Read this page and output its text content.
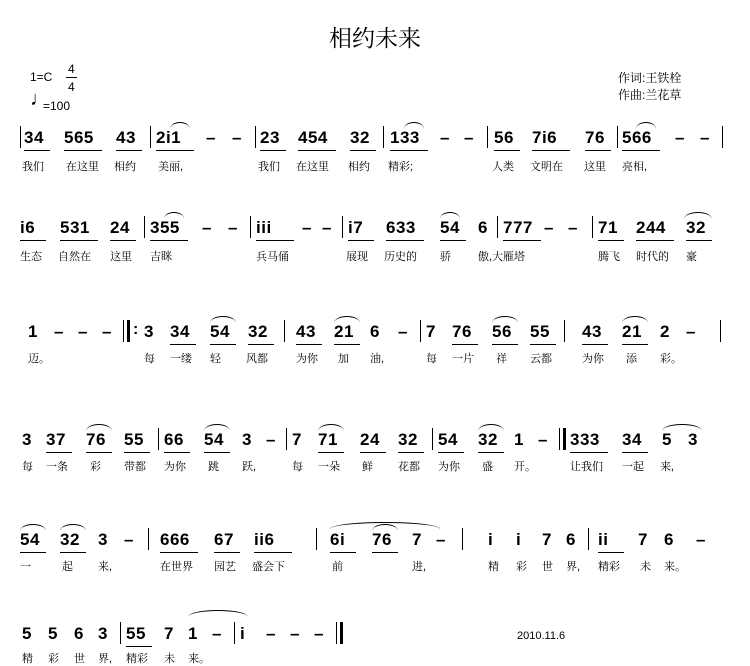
相约未来
1=C
4
4
♩
=100
作词:王铁栓
作曲:兰花草
34 565 43 2i1 – – 23 454 32 133 – – 56 7i6 76 566 – –
我们 在这里 相约 美丽,	我们 在这里 相约 精彩;	人类 文明在 这里 亮相,
i6 531 24 355 – – iii – – i7 633 54 6 777 – – 71 244 32
生态 自然在 这里 吉眯	兵马俑	展现 历史的 骄 傲,大雁塔	腾飞 时代的 豪
1 – – – : 3 34 54 32 43 21 6 – 7 76 56 55 43 21 2 –
迈。	每 一缕 轻 风都	为你 加 油,	每 一片 祥 云都	为你 添 彩。
3 37 76 55 66 54 3 – 7 71 24 32 54 32 1 – 333 34 5 3
每 一条 彩 带都 为你 跳 跃,	每 一朵 鲜 花都 为你 盛 开。	让我们 一起 来,
54 32 3 – 666 67 ii6	6i 76 7 – i i 7 6 ii 7 6 –
一	起 来,	在世界 园艺 盛会下	前	进,	精 彩 世 界, 精彩 未 来。
5 5 6 3 55 7 1 – i – – –
精 彩 世 界, 精彩 未 来。
2010.11.6
